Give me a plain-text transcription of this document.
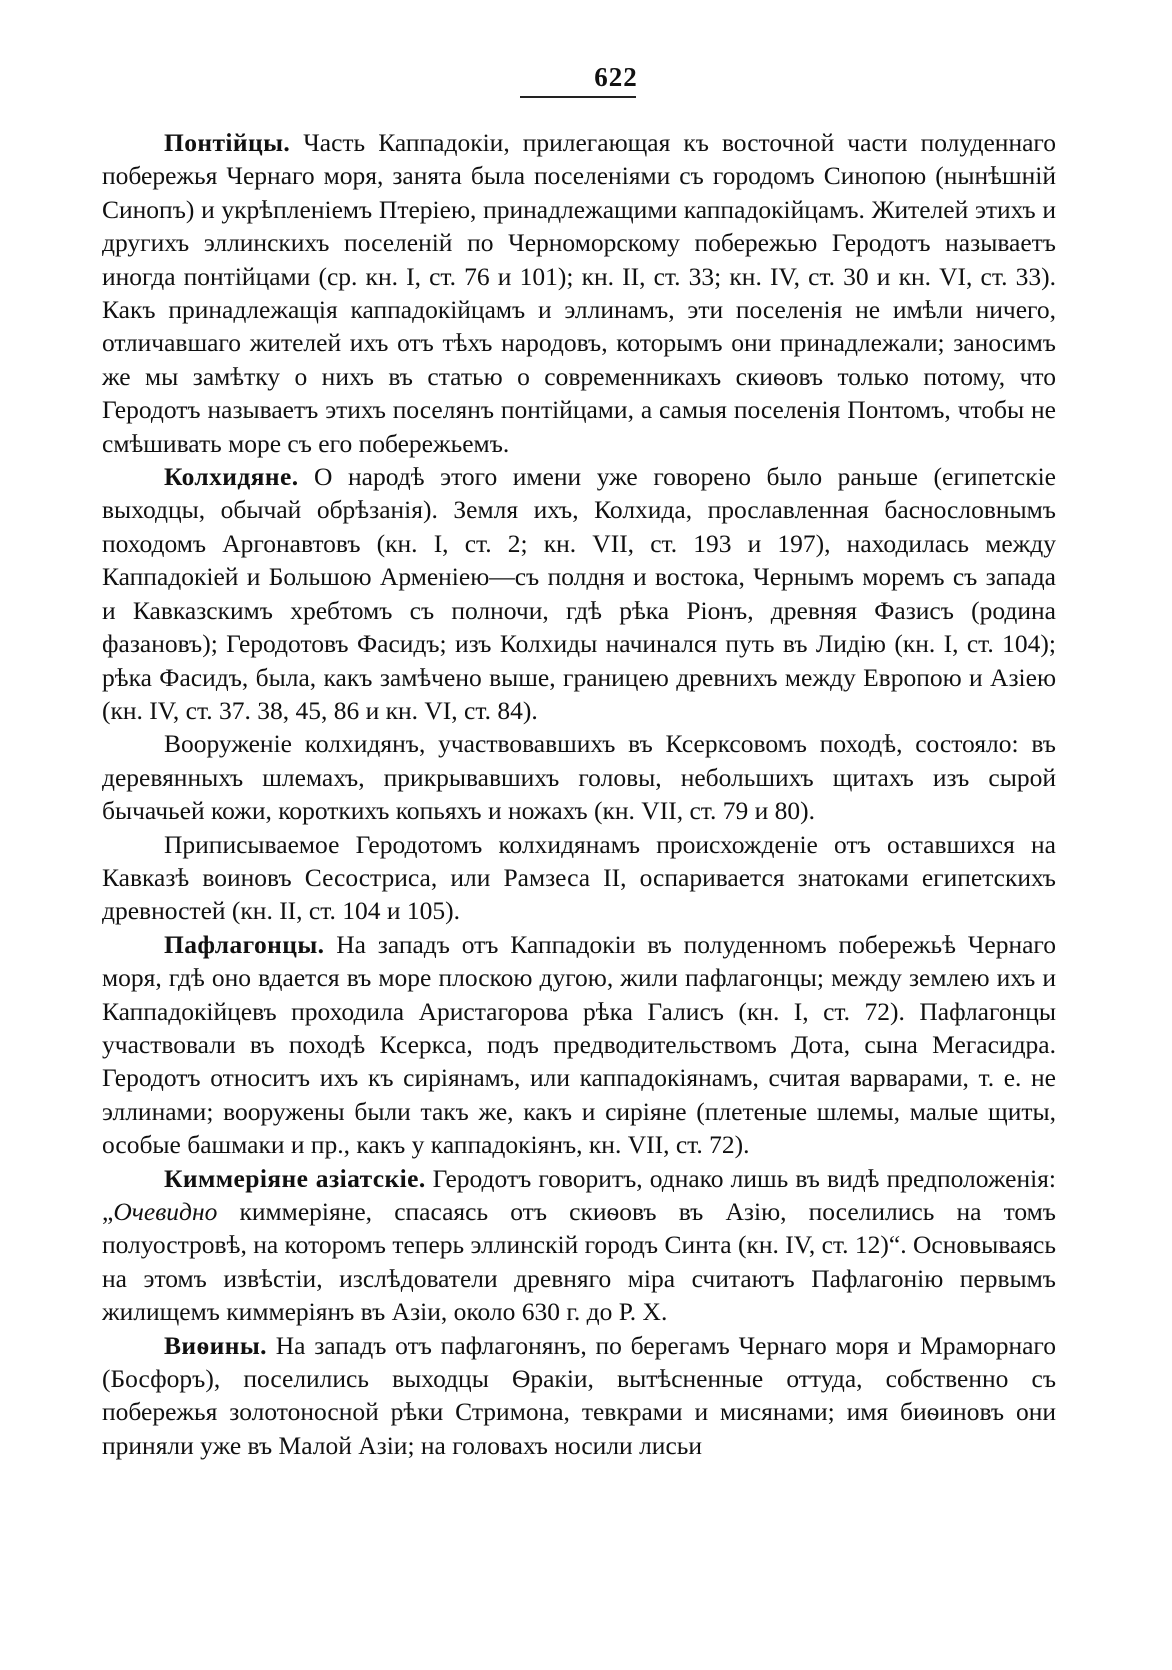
622

Понтійцы. Часть Каппадокіи, прилегающая къ восточной части полуденнаго побережья Чернаго моря, занята была поселеніями съ городомъ Синопою (нынѣшній Синопъ) и укрѣпленіемъ Птеріею, принадлежащими каппадокійцамъ. Жителей этихъ и другихъ эллинскихъ поселеній по Черноморскому побережью Геродотъ называетъ иногда понтійцами (ср. кн. I, ст. 76 и 101); кн. II, ст. 33; кн. IV, ст. 30 и кн. VI, ст. 33). Какъ принадлежащія каппадокійцамъ и эллинамъ, эти поселенія не имѣли ничего, отличавшаго жителей ихъ отъ тѣхъ народовъ, которымъ они принадлежали; заносимъ же мы замѣтку о нихъ въ статью о современникахъ скиѳовъ только потому, что Геродотъ называетъ этихъ поселянъ понтійцами, а самыя поселенія Понтомъ, чтобы не смѣшивать море съ его побережьемъ.

Колхидяне. О народѣ этого имени уже говорено было раньше (египетскіе выходцы, обычай обрѣзанія). Земля ихъ, Колхида, прославленная баснословнымъ походомъ Аргонавтовъ (кн. I, ст. 2; кн. VII, ст. 193 и 197), находилась между Каппадокіей и Большою Арменіею—съ полдня и востока, Чернымъ моремъ съ запада и Кавказскимъ хребтомъ съ полночи, гдѣ рѣка Ріонъ, древняя Фазисъ (родина фазановъ); Геродотовъ Фасидъ; изъ Колхиды начинался путь въ Лидію (кн. I, ст. 104); рѣка Фасидъ, была, какъ замѣчено выше, границею древнихъ между Европою и Азіею (кн. IV, ст. 37. 38, 45, 86 и кн. VI, ст. 84).

Вооруженіе колхидянъ, участвовавшихъ въ Ксерксовомъ походѣ, состояло: въ деревянныхъ шлемахъ, прикрывавшихъ головы, небольшихъ щитахъ изъ сырой бычачьей кожи, короткихъ копьяхъ и ножахъ (кн. VII, ст. 79 и 80).

Приписываемое Геродотомъ колхидянамъ происхожденіе отъ оставшихся на Кавказѣ воиновъ Сесостриса, или Рамзеса II, оспаривается знатоками египетскихъ древностей (кн. II, ст. 104 и 105).

Пафлагонцы. На западъ отъ Каппадокіи въ полуденномъ побережьѣ Чернаго моря, гдѣ оно вдается въ море плоскою дугою, жили пафлагонцы; между землею ихъ и Каппадокійцевъ проходила Аристагорова рѣка Галисъ (кн. I, ст. 72). Пафлагонцы участвовали въ походѣ Ксеркса, подъ предводительствомъ Дота, сына Мегасидра. Геродотъ относитъ ихъ къ сиріянамъ, или каппадокіянамъ, считая варварами, т. е. не эллинами; вооружены были такъ же, какъ и сиріяне (плетеные шлемы, малые щиты, особые башмаки и пр., какъ у каппадокіянъ, кн. VII, ст. 72).

Киммеріяне азіатскіе. Геродотъ говоритъ, однако лишь въ видѣ предположенія: „Очевидно киммеріяне, спасаясь отъ скиѳовъ въ Азію, поселились на томъ полуостровѣ, на которомъ теперь эллинскій городъ Синта (кн. IV, ст. 12)“. Основываясь на этомъ извѣстіи, изслѣдователи древняго міра считаютъ Пафлагонію первымъ жилищемъ киммеріянъ въ Азіи, около 630 г. до Р. Х.

Виѳины. На западъ отъ пафлагонянъ, по берегамъ Чернаго моря и Мраморнаго (Босфоръ), поселились выходцы Ѳракіи, вытѣсненные оттуда, собственно съ побережья золотоносной рѣки Стримона, тевкрами и мисянами; имя биѳиновъ они приняли уже въ Малой Азіи; на головахъ носили лисьи
